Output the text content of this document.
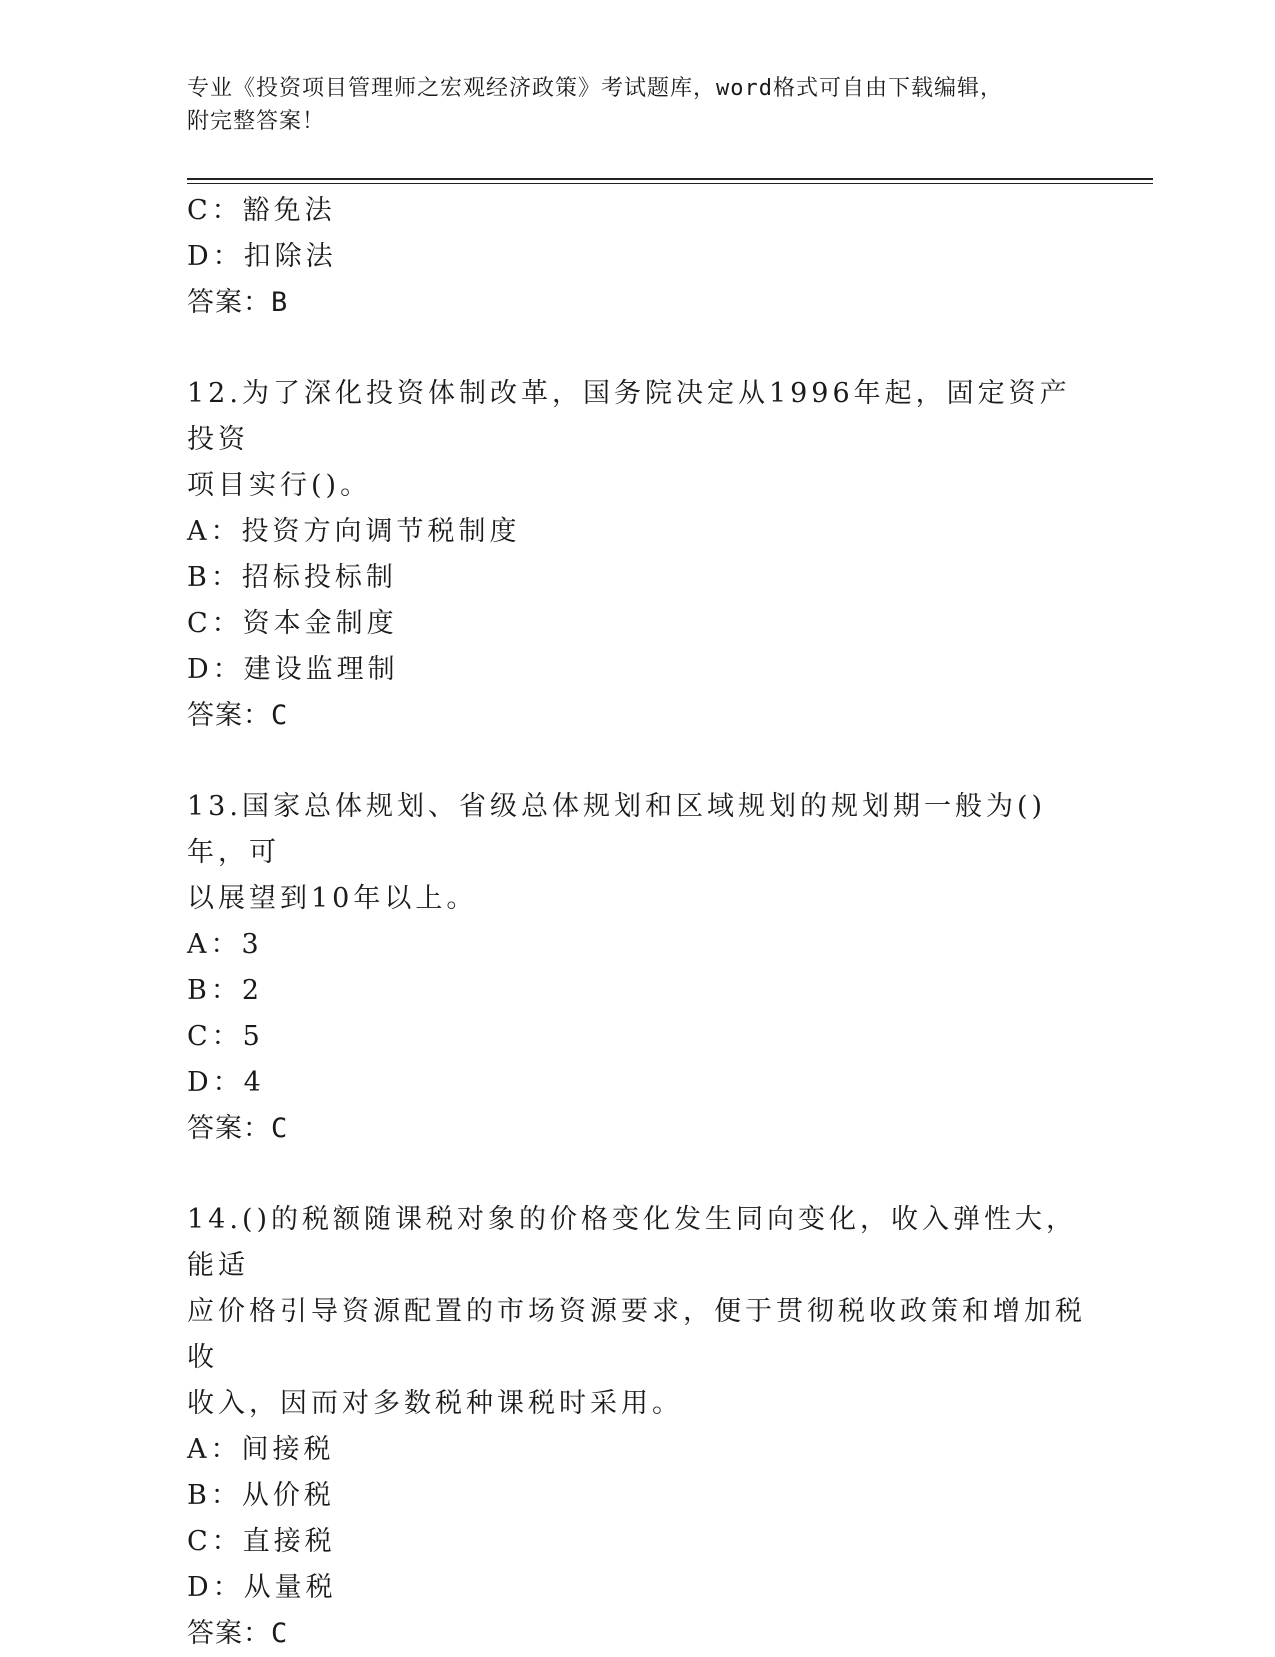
专业《投资项目管理师之宏观经济政策》考试题库，word格式可自由下载编辑，
附完整答案！
C：豁免法
D：扣除法
答案：B
12.为了深化投资体制改革，国务院决定从1996年起，固定资产投资
项目实行()。
A：投资方向调节税制度
B：招标投标制
C：资本金制度
D：建设监理制
答案：C
13.国家总体规划、省级总体规划和区域规划的规划期一般为()年，可
以展望到10年以上。
A：3
B：2
C：5
D：4
答案：C
14.()的税额随课税对象的价格变化发生同向变化，收入弹性大，能适
应价格引导资源配置的市场资源要求，便于贯彻税收政策和增加税收
收入，因而对多数税种课税时采用。
A：间接税
B：从价税
C：直接税
D：从量税
答案：C
